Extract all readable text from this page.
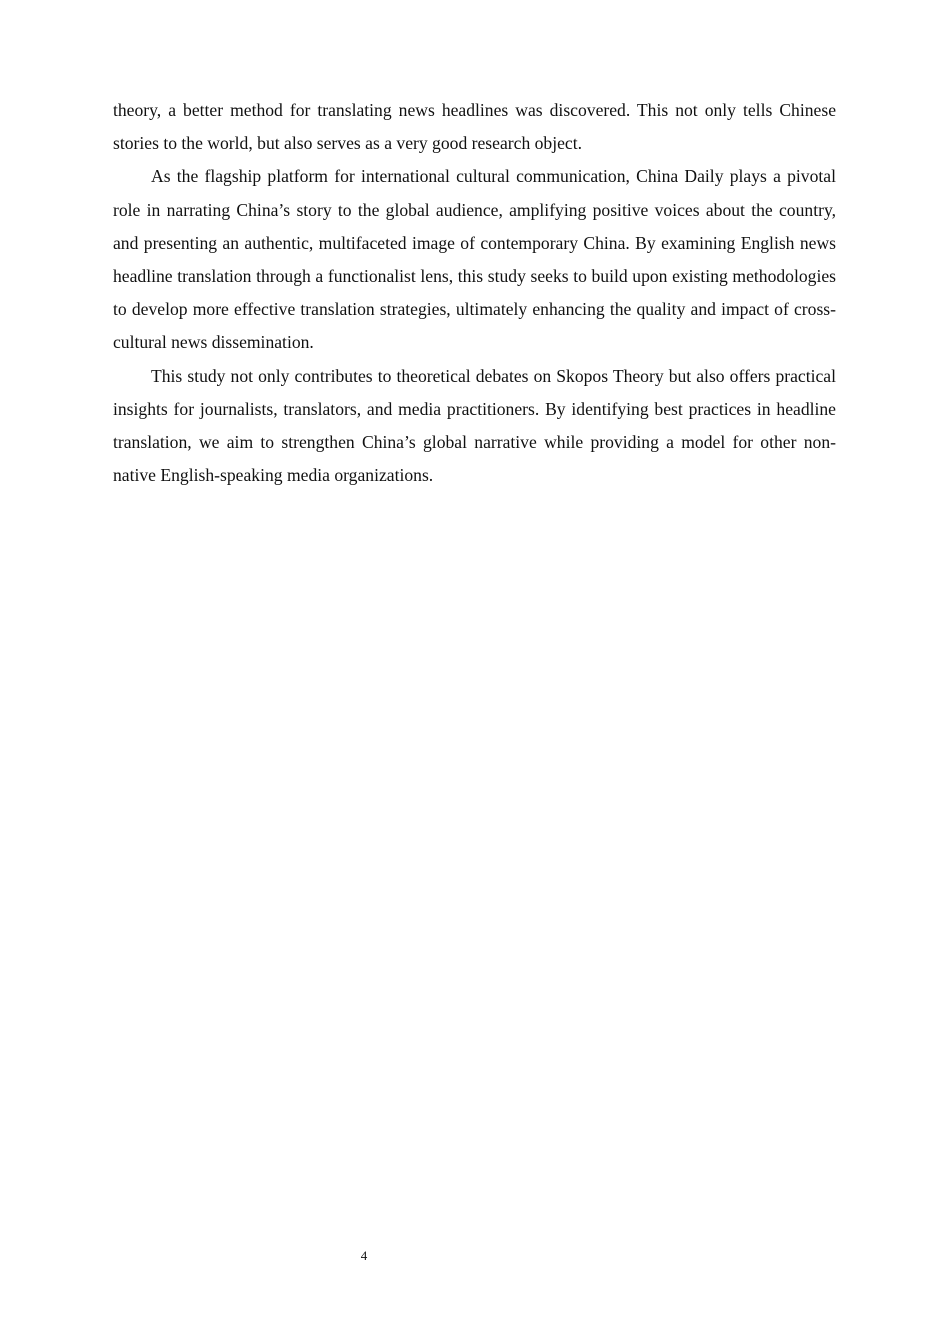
theory, a better method for translating news headlines was discovered. This not only tells Chinese stories to the world, but also serves as a very good research object.

As the flagship platform for international cultural communication, China Daily plays a pivotal role in narrating China’s story to the global audience, amplifying positive voices about the country, and presenting an authentic, multifaceted image of contemporary China. By examining English news headline translation through a functionalist lens, this study seeks to build upon existing methodologies to develop more effective translation strategies, ultimately enhancing the quality and impact of cross-cultural news dissemination.

This study not only contributes to theoretical debates on Skopos Theory but also offers practical insights for journalists, translators, and media practitioners. By identifying best practices in headline translation, we aim to strengthen China’s global narrative while providing a model for other non-native English-speaking media organizations.

4
